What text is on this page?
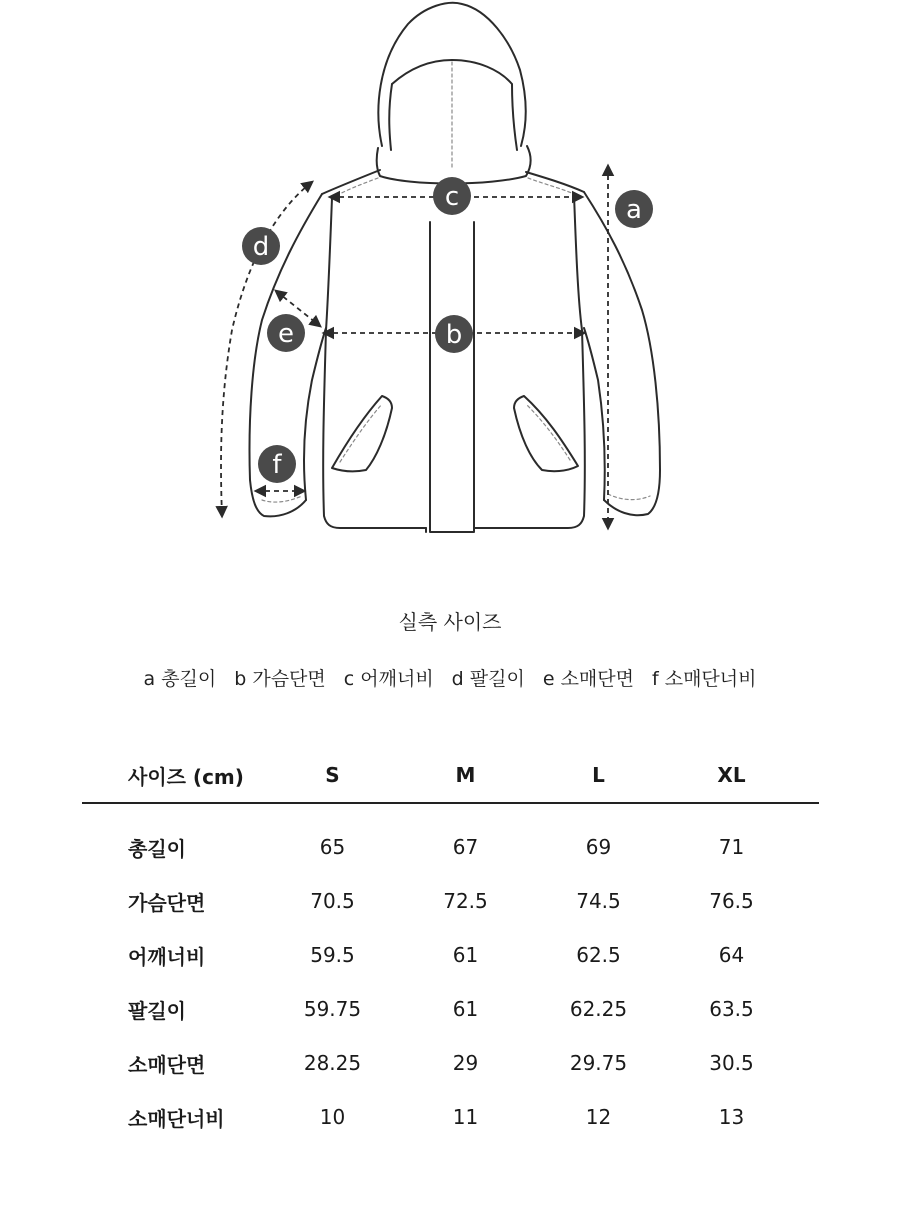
c	a
d
e	b
f
실측 사이즈
a 총길이 b 가슴단면 c 어깨너비 d 팔길이 e 소매단면 f 소매단너비
사이즈 (cm)	S	M	L	XL
총길이	65	67	69	71
가슴단면	70.5	72.5	74.5	76.5
어깨너비	59.5	61	62.5	64
팔길이	59.75	61	62.25	63.5
소매단면	28.25	29	29.75	30.5
소매단너비	10	11	12	13
